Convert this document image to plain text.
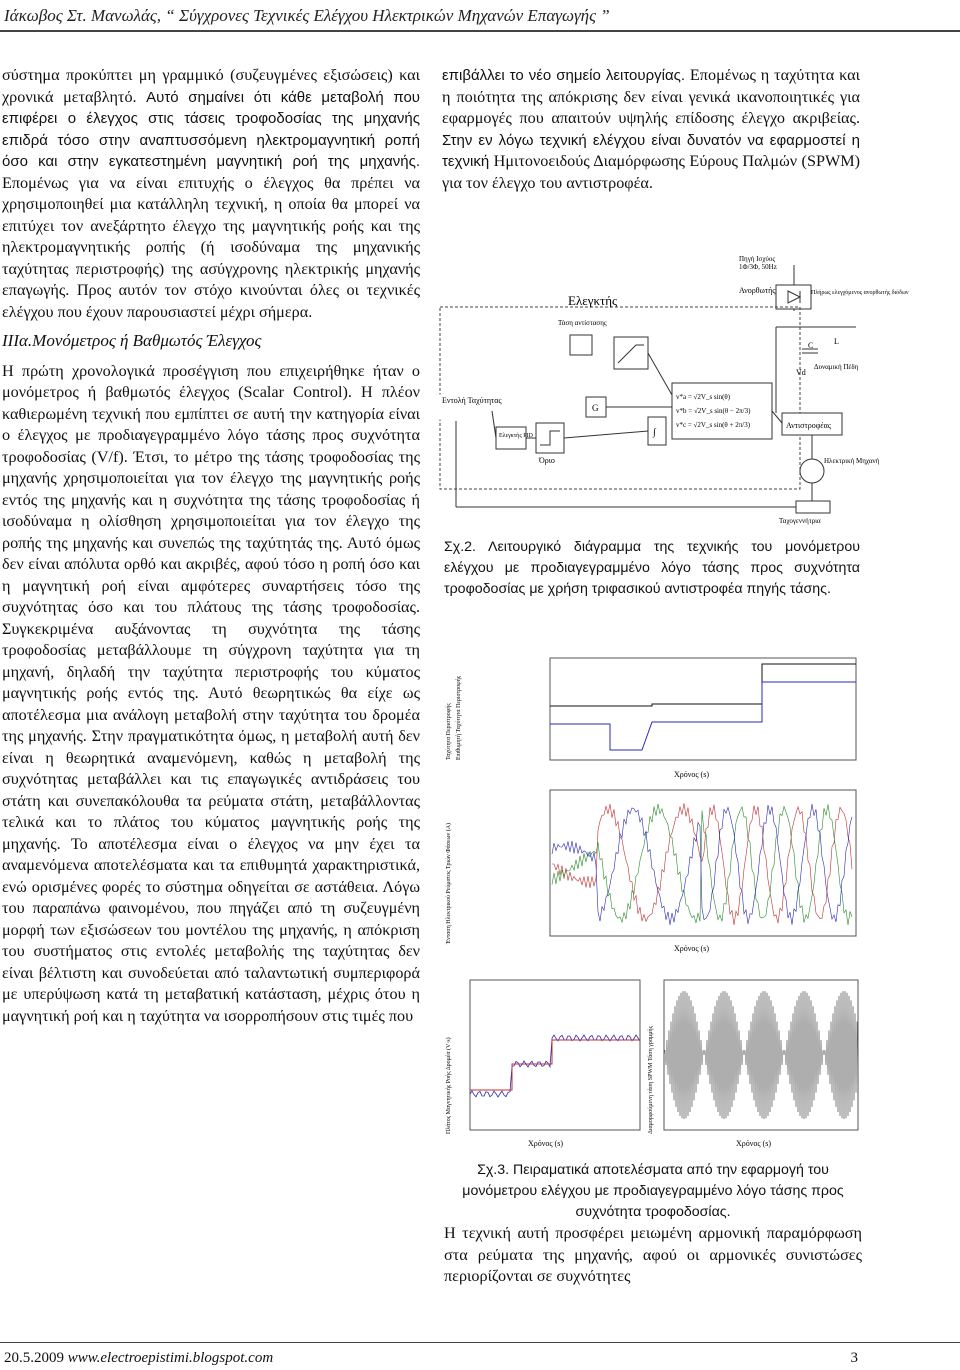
Ιάκωβος Στ. Μανωλάς, “ Σύγχρονες Τεχνικές Ελέγχου Ηλεκτρικών Μηχανών Επαγωγής ”

σύστημα προκύπτει μη γραμμικό (συζευγμένες εξισώσεις) και χρονικά μεταβλητό. Αυτό σημαίνει ότι κάθε μεταβολή που επιφέρει ο έλεγχος στις τάσεις τροφοδοσίας της μηχανής επιδρά τόσο στην αναπτυσσόμενη ηλεκτρομαγνητική ροπή όσο και στην εγκατεστημένη μαγνητική ροή της μηχανής. Επομένως για να είναι επιτυχής ο έλεγχος θα πρέπει να χρησιμοποιηθεί μια κατάλληλη τεχνική, η οποία θα μπορεί να επιτύχει τον ανεξάρτητο έλεγχο της μαγνητικής ροής και της ηλεκτρομαγνητικής ροπής (ή ισοδύναμα της μηχανικής ταχύτητας περιστροφής) της ασύγχρονης ηλεκτρικής μηχανής επαγωγής. Προς αυτόν τον στόχο κινούνται όλες οι τεχνικές ελέγχου που έχουν παρουσιαστεί μέχρι σήμερα.

ΙΙΙα.Μονόμετρος ή Βαθμωτός Έλεγχος

Η πρώτη χρονολογικά προσέγγιση που επιχειρήθηκε ήταν ο μονόμετρος ή βαθμωτός έλεγχος (Scalar Control). Η πλέον καθιερωμένη τεχνική που εμπίπτει σε αυτή την κατηγορία είναι ο έλεγχος με προδιαγεγραμμένο λόγο τάσης προς συχνότητα τροφοδοσίας (V/f). Έτσι, το μέτρο της τάσης τροφοδοσίας της μηχανής χρησιμοποιείται για τον έλεγχο της μαγνητικής ροής εντός της μηχανής και η συχνότητα της τάσης τροφοδοσίας ή ισοδύναμα η ολίσθηση χρησιμοποιείται για τον έλεγχο της ροπής της μηχανής και συνεπώς της ταχύτητάς της. Αυτό όμως δεν είναι απόλυτα ορθό και ακριβές, αφού τόσο η ροπή όσο και η μαγνητική ροή είναι αμφότερες συναρτήσεις τόσο της συχνότητας όσο και του πλάτους της τάσης τροφοδοσίας. Συγκεκριμένα αυξάνοντας τη συχνότητα της τάσης τροφοδοσίας μεταβάλλουμε τη σύγχρονη ταχύτητα για τη μηχανή, δηλαδή την ταχύτητα περιστροφής του κύματος μαγνητικής ροής εντός της. Αυτό θεωρητικώς θα είχε ως αποτέλεσμα μια ανάλογη μεταβολή στην ταχύτητα του δρομέα της μηχανής. Στην πραγματικότητα όμως, η μεταβολή αυτή δεν είναι η θεωρητικά αναμενόμενη, καθώς η μεταβολή της συχνότητας μεταβάλλει και τις επαγωγικές αντιδράσεις του στάτη και συνεπακόλουθα τα ρεύματα στάτη, μεταβάλλοντας τελικά και το πλάτος του κύματος μαγνητικής ροής της μηχανής. Το αποτέλεσμα είναι ο έλεγχος να μην έχει τα αναμενόμενα αποτελέσματα και τα επιθυμητά χαρακτηριστικά, ενώ ορισμένες φορές το σύστημα οδηγείται σε αστάθεια. Λόγω του παραπάνω φαινομένου, που πηγάζει από τη συζευγμένη μορφή των εξισώσεων του μοντέλου της μηχανής, η απόκριση του συστήματος στις εντολές μεταβολής της ταχύτητας δεν είναι βέλτιστη και συνοδεύεται από ταλαντωτική συμπεριφορά με υπερύψωση κατά τη μεταβατική κατάσταση, μέχρις ότου η μαγνητική ροή και η ταχύτητα να ισορροπήσουν στις τιμές που

επιβάλλει το νέο σημείο λειτουργίας. Επομένως η ταχύτητα και η ποιότητα της απόκρισης δεν είναι γενικά ικανοποιητικές για εφαρμογές που απαιτούν υψηλής επίδοσης έλεγχο ακριβείας. Στην εν λόγω τεχνική ελέγχου είναι δυνατόν να εφαρμοστεί η τεχνική Ημιτονοειδούς Διαμόρφωσης Εύρους Παλμών (SPWM) για τον έλεγχο του αντιστροφέα.

Πηγή Ισχύος
1Φ/3Φ, 50Hz
Ανορθωτής
Ελεγκτής	Πλήρως ελεγχόμενος ανορθωτής διόδων
C	L
Vd
Δυναμική Πέδη
Τάση αντίστασης
Εντολή Ταχύτητας
Ελεγκτής PID
Όριο
G
v*a = √2V_s sin(θ)
v*b = √2V_s sin(θ − 2π/3)
v*c = √2V_s sin(θ + 2π/3)
∫
Αντιστροφέας
Ηλεκτρική Μηχανή
Ταχογεννήτρια
Σχ.2. Λειτουργικό διάγραμμα της τεχνικής του μονόμετρου ελέγχου με προδιαγεγραμμένο λόγο τάσης προς συχνότητα τροφοδοσίας με χρήση τριφασικού αντιστροφέα πηγής τάσης.
Ταχύτητα Περιστροφής Επιθυμητή Ταχύτητα Περιστροφής
Χρόνος (s)
Ένταση Ηλεκτρικού Ρεύματος Τριών Φάσεων (A)
Χρόνος (s)
Πλάτος Μαγνητικής Ροής Δρομέα (V·s)	Διαμορφούμενη τάση SPWM Τάση γραμμής
Χρόνος (s)	Χρόνος (s)
Σχ.3. Πειραματικά αποτελέσματα από την εφαρμογή του μονόμετρου ελέγχου με προδιαγεγραμμένο λόγο τάσης προς συχνότητα τροφοδοσίας.
Η τεχνική αυτή προσφέρει μειωμένη αρμονική παραμόρφωση στα ρεύματα της μηχανής, αφού οι αρμονικές συνιστώσες περιορίζονται σε συχνότητες
20.5.2009 www.electroepistimi.blogspot.com	3
